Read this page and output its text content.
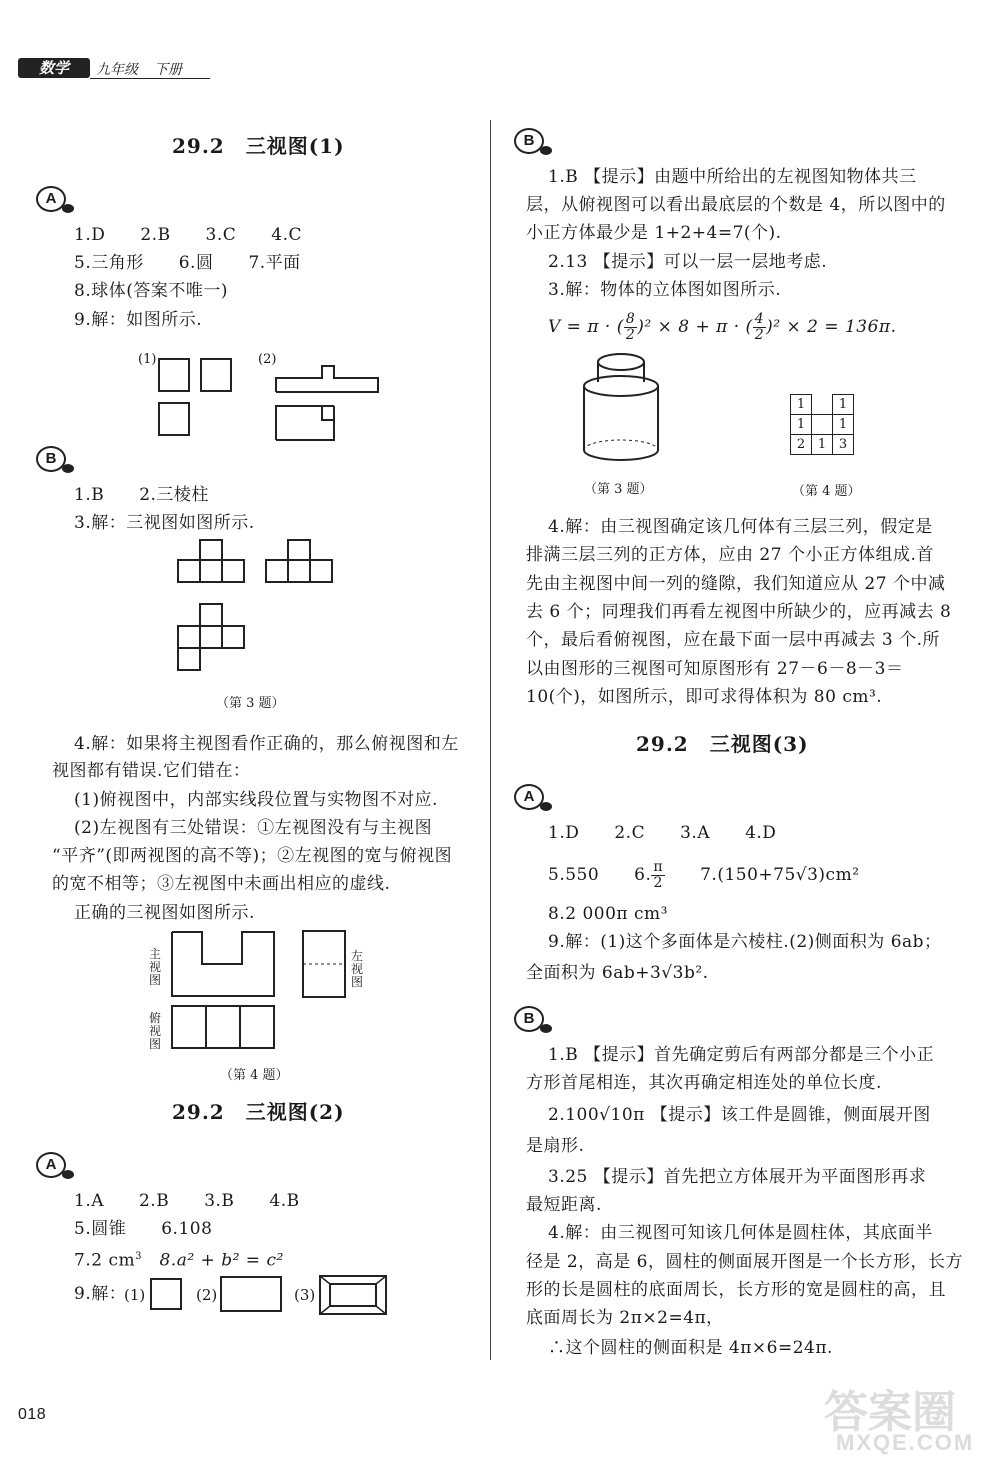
数学	九年级 下册
29.2　三视图(1)
A
1.D　　2.B　　3.C　　4.C
5.三角形　　6.圆　　7.平面
8.球体(答案不唯一)
9.解：如图所示.
(1)	(2)
B
1.B　　2.三棱柱
3.解：三视图如图所示.
（第 3 题）
4.解：如果将主视图看作正确的，那么俯视图和左
视图都有错误.它们错在：
(1)俯视图中，内部实线段位置与实物图不对应.
(2)左视图有三处错误：①左视图没有与主视图
“平齐”(即两视图的高不等)；②左视图的宽与俯视图
的宽不相等；③左视图中未画出相应的虚线.
正确的三视图如图所示.
主视图
左视图
俯视图
（第 4 题）
29.2　三视图(2)
A
1.A　　2.B　　3.B　　4.B
5.圆锥　　6.108
7.2 $cm^3$　8.a² + b² = c²
9.解：
(1)	(2)	(3)
018
B
1.B 【提示】由题中所给出的左视图知物体共三
层，从俯视图可以看出最底层的个数是 4，所以图中的
小正方体最少是 1+2+4=7(个).
2.13 【提示】可以一层一层地考虑.
3.解：物体的立体图如图所示.
V = π · ( $\frac{8}{2} )^2 \times 8 + \pi$ · ( $\frac{4}{2} )^2 \times 2 = 136\pi$.
（第 3 题）
1		1
1		1
2	1	3
（第 4 题）
4.解：由三视图确定该几何体有三层三列，假定是
排满三层三列的正方体，应由 27 个小正方体组成.首
先由主视图中间一列的缝隙，我们知道应从 27 个中减
去 6 个；同理我们再看左视图中所缺少的，应再减去 8
个，最后看俯视图，应在最下面一层中再减去 3 个.所
以由图形的三视图可知原图形有 27－6－8－3＝
10(个)，如图所示，即可求得体积为 80 cm³.
29.2　三视图(3)
A
1.D　　2.C　　3.A　　4.D
5.550　　6. $\frac{\pi}{2}$ 　　7.(150+75√3)cm²
8.2 000π cm³
9.解：(1)这个多面体是六棱柱.(2)侧面积为 6ab；
全面积为 6ab+3√3b².
B
1.B 【提示】首先确定剪后有两部分都是三个小正
方形首尾相连，其次再确定相连处的单位长度.
2.100√10π 【提示】该工件是圆锥，侧面展开图
是扇形.
3.25 【提示】首先把立方体展开为平面图形再求
最短距离.
4.解：由三视图可知该几何体是圆柱体，其底面半
径是 2，高是 6，圆柱的侧面展开图是一个长方形，长方
形的长是圆柱的底面周长，长方形的宽是圆柱的高，且
底面周长为 2π×2=4π，
∴这个圆柱的侧面积是 4π×6=24π.
答案圈
MXQE.COM
